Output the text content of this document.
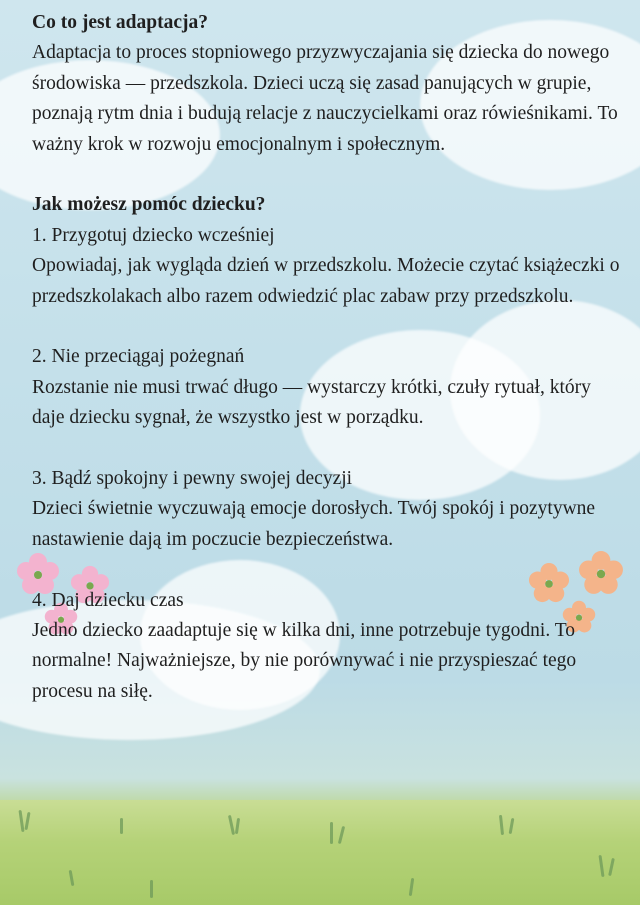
Co to jest adaptacja?

Adaptacja to proces stopniowego przyzwyczajania się dziecka do nowego środowiska — przedszkola. Dzieci uczą się zasad panujących w grupie, poznają rytm dnia i budują relacje z nauczycielkami oraz rówieśnikami. To ważny krok w rozwoju emocjonalnym i społecznym.

Jak możesz pomóc dziecku?

1. Przygotuj dziecko wcześniej

Opowiadaj, jak wygląda dzień w przedszkolu. Możecie czytać książeczki o przedszkolakach albo razem odwiedzić plac zabaw przy przedszkolu.

2. Nie przeciągaj pożegnań

Rozstanie nie musi trwać długo — wystarczy krótki, czuły rytuał, który daje dziecku sygnał, że wszystko jest w porządku.

3. Bądź spokojny i pewny swojej decyzji

Dzieci świetnie wyczuwają emocje dorosłych. Twój spokój i pozytywne nastawienie dają im poczucie bezpieczeństwa.

4. Daj dziecku czas

Jedno dziecko zaadaptuje się w kilka dni, inne potrzebuje tygodni. To normalne! Najważniejsze, by nie porównywać i nie przyspieszać tego procesu na siłę.
